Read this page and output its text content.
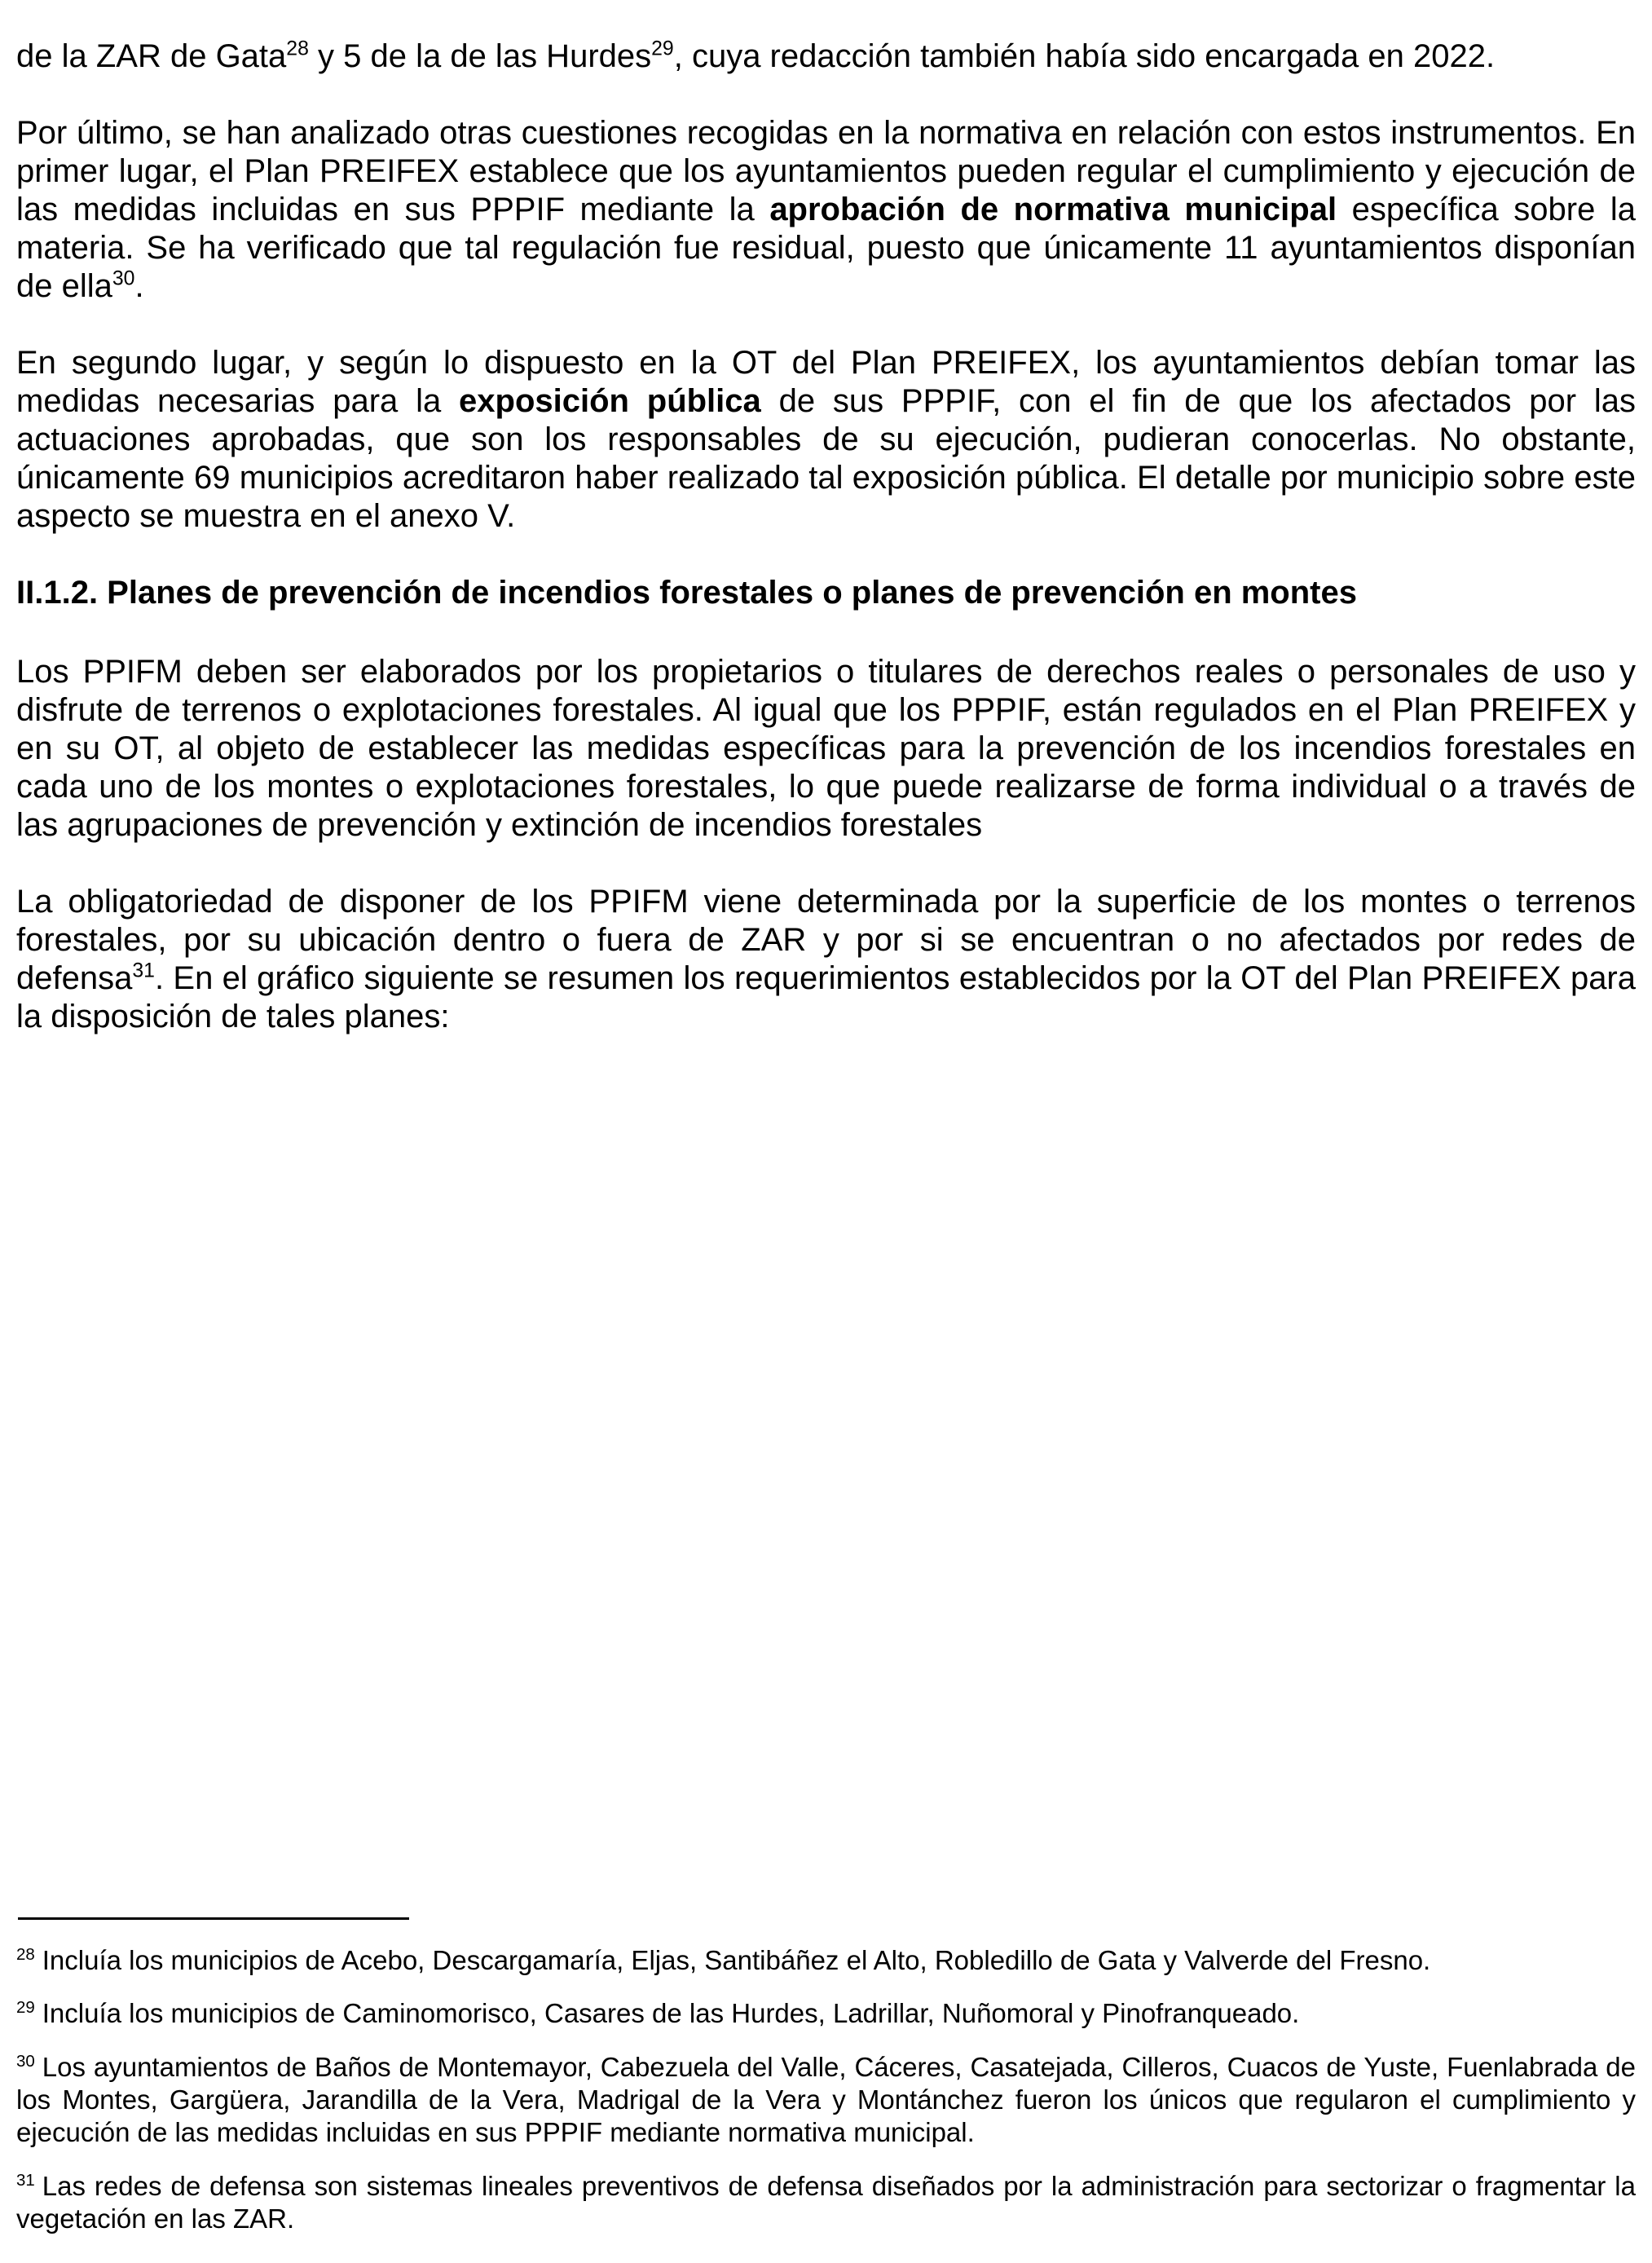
de la ZAR de Gata$^{28}$ y 5 de la de las Hurdes$^{29}$, cuya redacción también había sido encargada en 2022.

Por último, se han analizado otras cuestiones recogidas en la normativa en relación con estos instrumentos. En primer lugar, el Plan PREIFEX establece que los ayuntamientos pueden regular el cumplimiento y ejecución de las medidas incluidas en sus PPPIF mediante la aprobación de normativa municipal específica sobre la materia. Se ha verificado que tal regulación fue residual, puesto que únicamente 11 ayuntamientos disponían de ella$^{30}$.

En segundo lugar, y según lo dispuesto en la OT del Plan PREIFEX, los ayuntamientos debían tomar las medidas necesarias para la exposición pública de sus PPPIF, con el fin de que los afectados por las actuaciones aprobadas, que son los responsables de su ejecución, pudieran conocerlas. No obstante, únicamente 69 municipios acreditaron haber realizado tal exposición pública. El detalle por municipio sobre este aspecto se muestra en el anexo V.

II.1.2. Planes de prevención de incendios forestales o planes de prevención en montes

Los PPIFM deben ser elaborados por los propietarios o titulares de derechos reales o personales de uso y disfrute de terrenos o explotaciones forestales. Al igual que los PPPIF, están regulados en el Plan PREIFEX y en su OT, al objeto de establecer las medidas específicas para la prevención de los incendios forestales en cada uno de los montes o explotaciones forestales, lo que puede realizarse de forma individual o a través de las agrupaciones de prevención y extinción de incendios forestales

La obligatoriedad de disponer de los PPIFM viene determinada por la superficie de los montes o terrenos forestales, por su ubicación dentro o fuera de ZAR y por si se encuentran o no afectados por redes de defensa$^{31}$. En el gráfico siguiente se resumen los requerimientos establecidos por la OT del Plan PREIFEX para la disposición de tales planes:

$^{28}$ Incluía los municipios de Acebo, Descargamaría, Eljas, Santibáñez el Alto, Robledillo de Gata y Valverde del Fresno.
$^{29}$ Incluía los municipios de Caminomorisco, Casares de las Hurdes, Ladrillar, Nuñomoral y Pinofranqueado.
$^{30}$ Los ayuntamientos de Baños de Montemayor, Cabezuela del Valle, Cáceres, Casatejada, Cilleros, Cuacos de Yuste, Fuenlabrada de los Montes, Gargüera, Jarandilla de la Vera, Madrigal de la Vera y Montánchez fueron los únicos que regularon el cumplimiento y ejecución de las medidas incluidas en sus PPPIF mediante normativa municipal.
$^{31}$ Las redes de defensa son sistemas lineales preventivos de defensa diseñados por la administración para sectorizar o fragmentar la vegetación en las ZAR.
